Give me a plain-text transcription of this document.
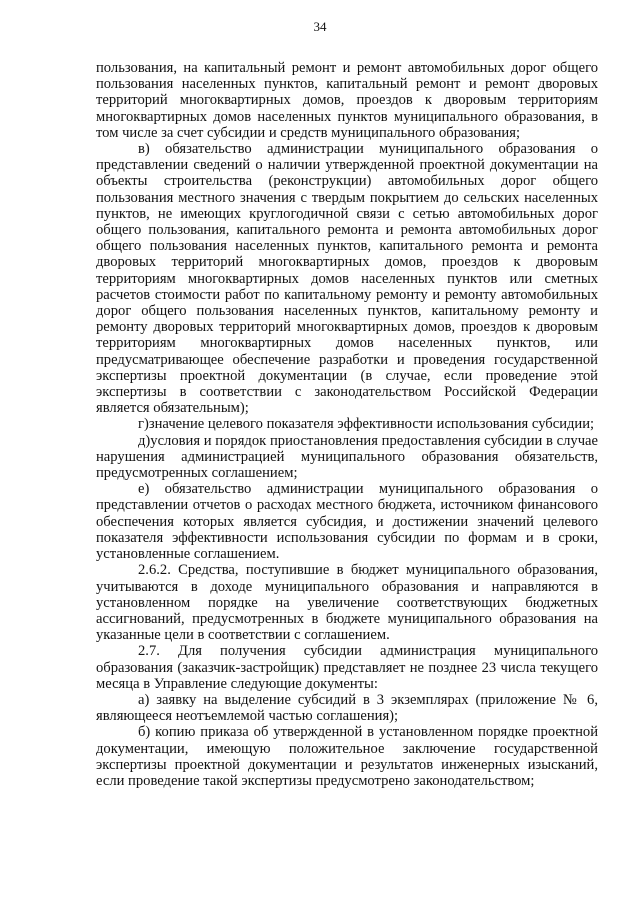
34

пользования, на капитальный ремонт и ремонт автомобильных дорог общего пользования населенных пунктов, капитальный ремонт и ремонт дворовых территорий многоквартирных домов, проездов к дворовым территориям многоквартирных домов населенных пунктов муниципального образования, в том числе за счет субсидии и средств муниципального образования;

в) обязательство администрации муниципального образования о представлении сведений о наличии утвержденной проектной документации на объекты строительства (реконструкции) автомобильных дорог общего пользования местного значения с твердым покрытием до сельских населенных пунктов, не имеющих круглогодичной связи с сетью автомобильных дорог общего пользования, капитального ремонта и ремонта автомобильных дорог общего пользования населенных пунктов, капитального ремонта и ремонта дворовых территорий многоквартирных домов, проездов к дворовым территориям многоквартирных домов населенных пунктов или сметных расчетов стоимости работ по капитальному ремонту и ремонту автомобильных дорог общего пользования населенных пунктов, капитальному ремонту и ремонту дворовых территорий многоквартирных домов, проездов к дворовым территориям многоквартирных домов населенных пунктов, или предусматривающее обеспечение разработки и проведения государственной экспертизы проектной документации (в случае, если проведение этой экспертизы в соответствии с законодательством Российской Федерации является обязательным);

г)значение целевого показателя эффективности использования субсидии;

д)условия и порядок приостановления предоставления субсидии в случае нарушения администрацией муниципального образования обязательств, предусмотренных соглашением;

е) обязательство администрации муниципального образования о представлении отчетов о расходах местного бюджета, источником финансового обеспечения которых является субсидия, и достижении значений целевого показателя эффективности использования субсидии по формам и в сроки, установленные соглашением.

2.6.2. Средства, поступившие в бюджет муниципального образования, учитываются в доходе муниципального образования и направляются в установленном порядке на увеличение соответствующих бюджетных ассигнований, предусмотренных в бюджете муниципального образования на указанные цели в соответствии с соглашением.

2.7. Для получения субсидии администрация муниципального образования (заказчик-застройщик) представляет не позднее 23 числа текущего месяца в Управление следующие документы:

а) заявку на выделение субсидий в 3 экземплярах (приложение № 6, являющееся неотъемлемой частью соглашения);

б) копию приказа об утвержденной в установленном порядке проектной документации, имеющую положительное заключение государственной экспертизы проектной документации и результатов инженерных изысканий, если проведение такой экспертизы предусмотрено законодательством;
